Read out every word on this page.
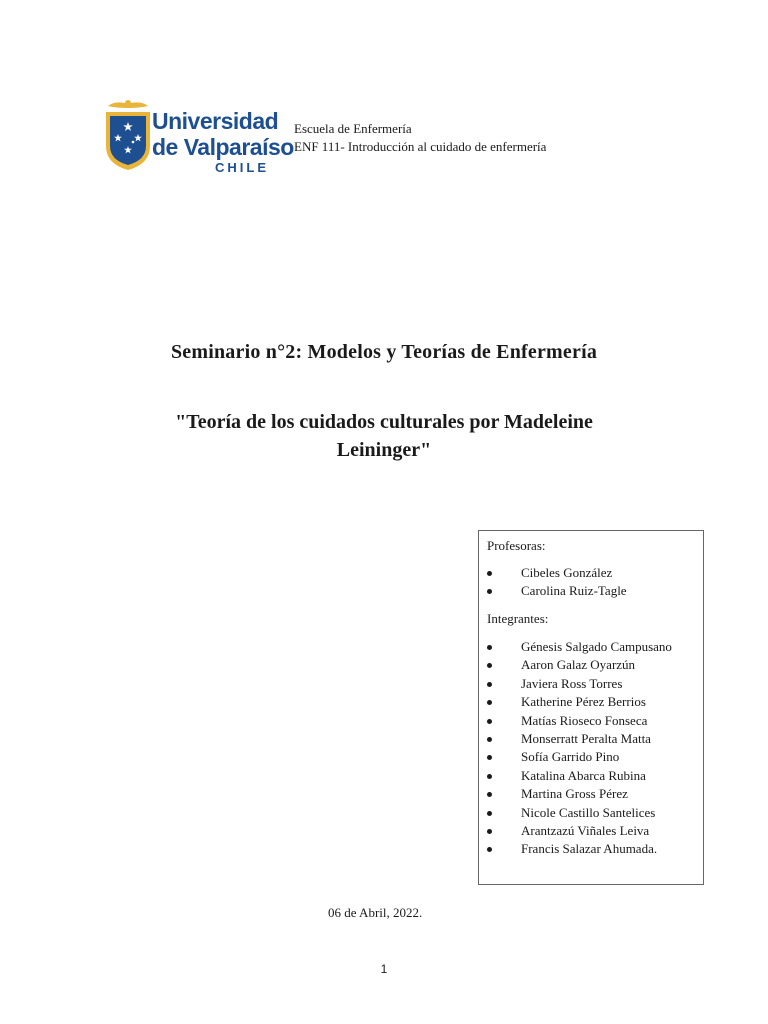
Universidad
de Valparaíso
CHILE
Escuela de Enfermería
ENF 111- Introducción al cuidado de enfermería
Seminario n°2: Modelos y Teorías de Enfermería
"Teoría de los cuidados culturales por Madeleine
Leininger"
Profesoras:
Cibeles González
Carolina Ruiz-Tagle
Integrantes:
Génesis Salgado Campusano
Aaron Galaz Oyarzún
Javiera Ross Torres
Katherine Pérez Berrios
Matías Rioseco Fonseca
Monserratt Peralta Matta
Sofía Garrido Pino
Katalina Abarca Rubina
Martina Gross Pérez
Nicole Castillo Santelices
Arantzazú Viñales Leiva
Francis Salazar Ahumada.
06 de Abril, 2022.
1
